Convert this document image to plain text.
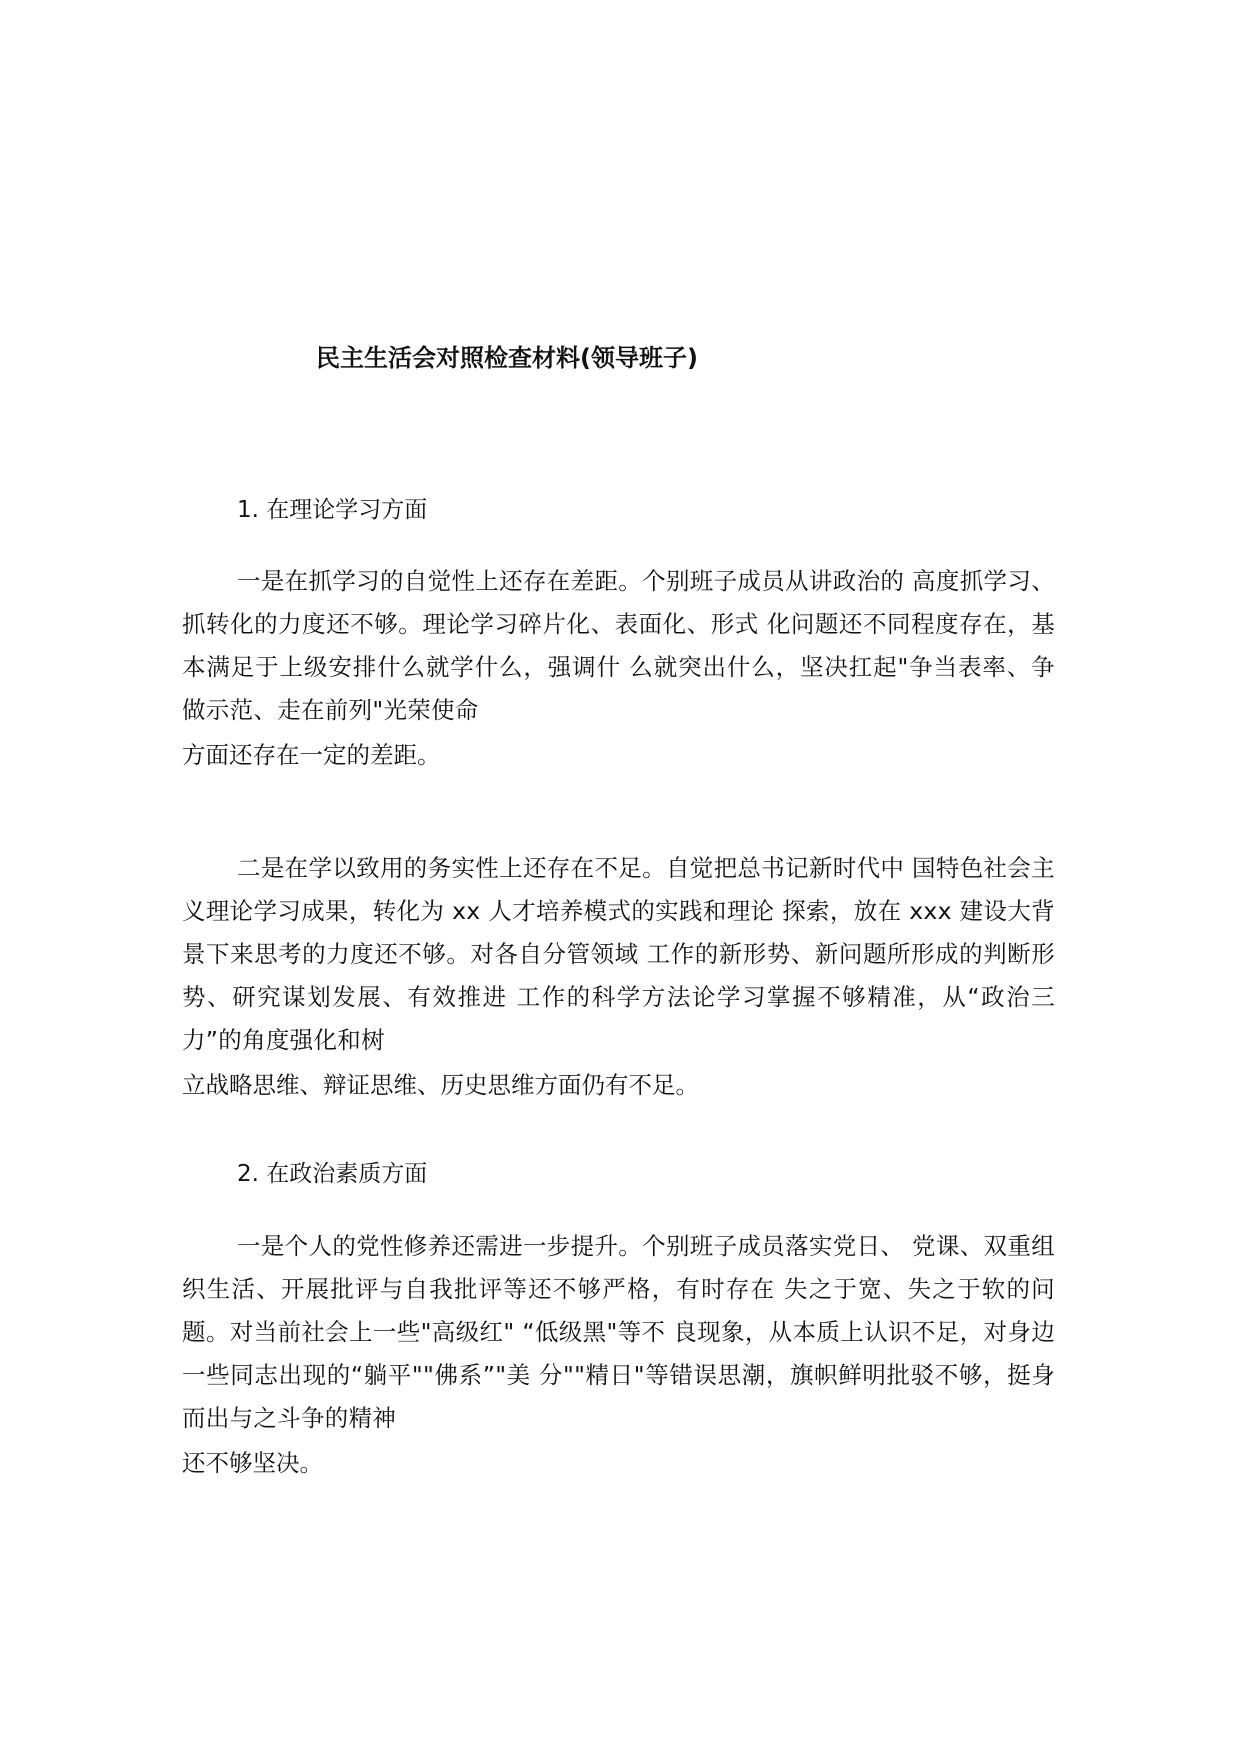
民主生活会对照检查材料(领导班子)
1. 在理论学习方面

一是在抓学习的自觉性上还存在差距。个别班子成员从讲政治的 高度抓学习、抓转化的力度还不够。理论学习碎片化、表面化、形式 化问题还不同程度存在，基本满足于上级安排什么就学什么，强调什 么就突出什么，坚决扛起"争当表率、争做示范、走在前列"光荣使命

方面还存在一定的差距。

二是在学以致用的务实性上还存在不足。自觉把总书记新时代中 国特色社会主义理论学习成果，转化为 xx 人才培养模式的实践和理论 探索，放在 xxx 建设大背景下来思考的力度还不够。对各自分管领域 工作的新形势、新问题所形成的判断形势、研究谋划发展、有效推进 工作的科学方法论学习掌握不够精准，从“政治三力”的角度强化和树

立战略思维、辩证思维、历史思维方面仍有不足。
2. 在政治素质方面

一是个人的党性修养还需进一步提升。个别班子成员落实党日、 党课、双重组织生活、开展批评与自我批评等还不够严格，有时存在 失之于宽、失之于软的问题。对当前社会上一些"高级红" “低级黑"等不 良现象，从本质上认识不足，对身边一些同志出现的“躺平""佛系”"美 分""精日"等错误思潮，旗帜鲜明批驳不够，挺身而出与之斗争的精神

还不够坚决。
